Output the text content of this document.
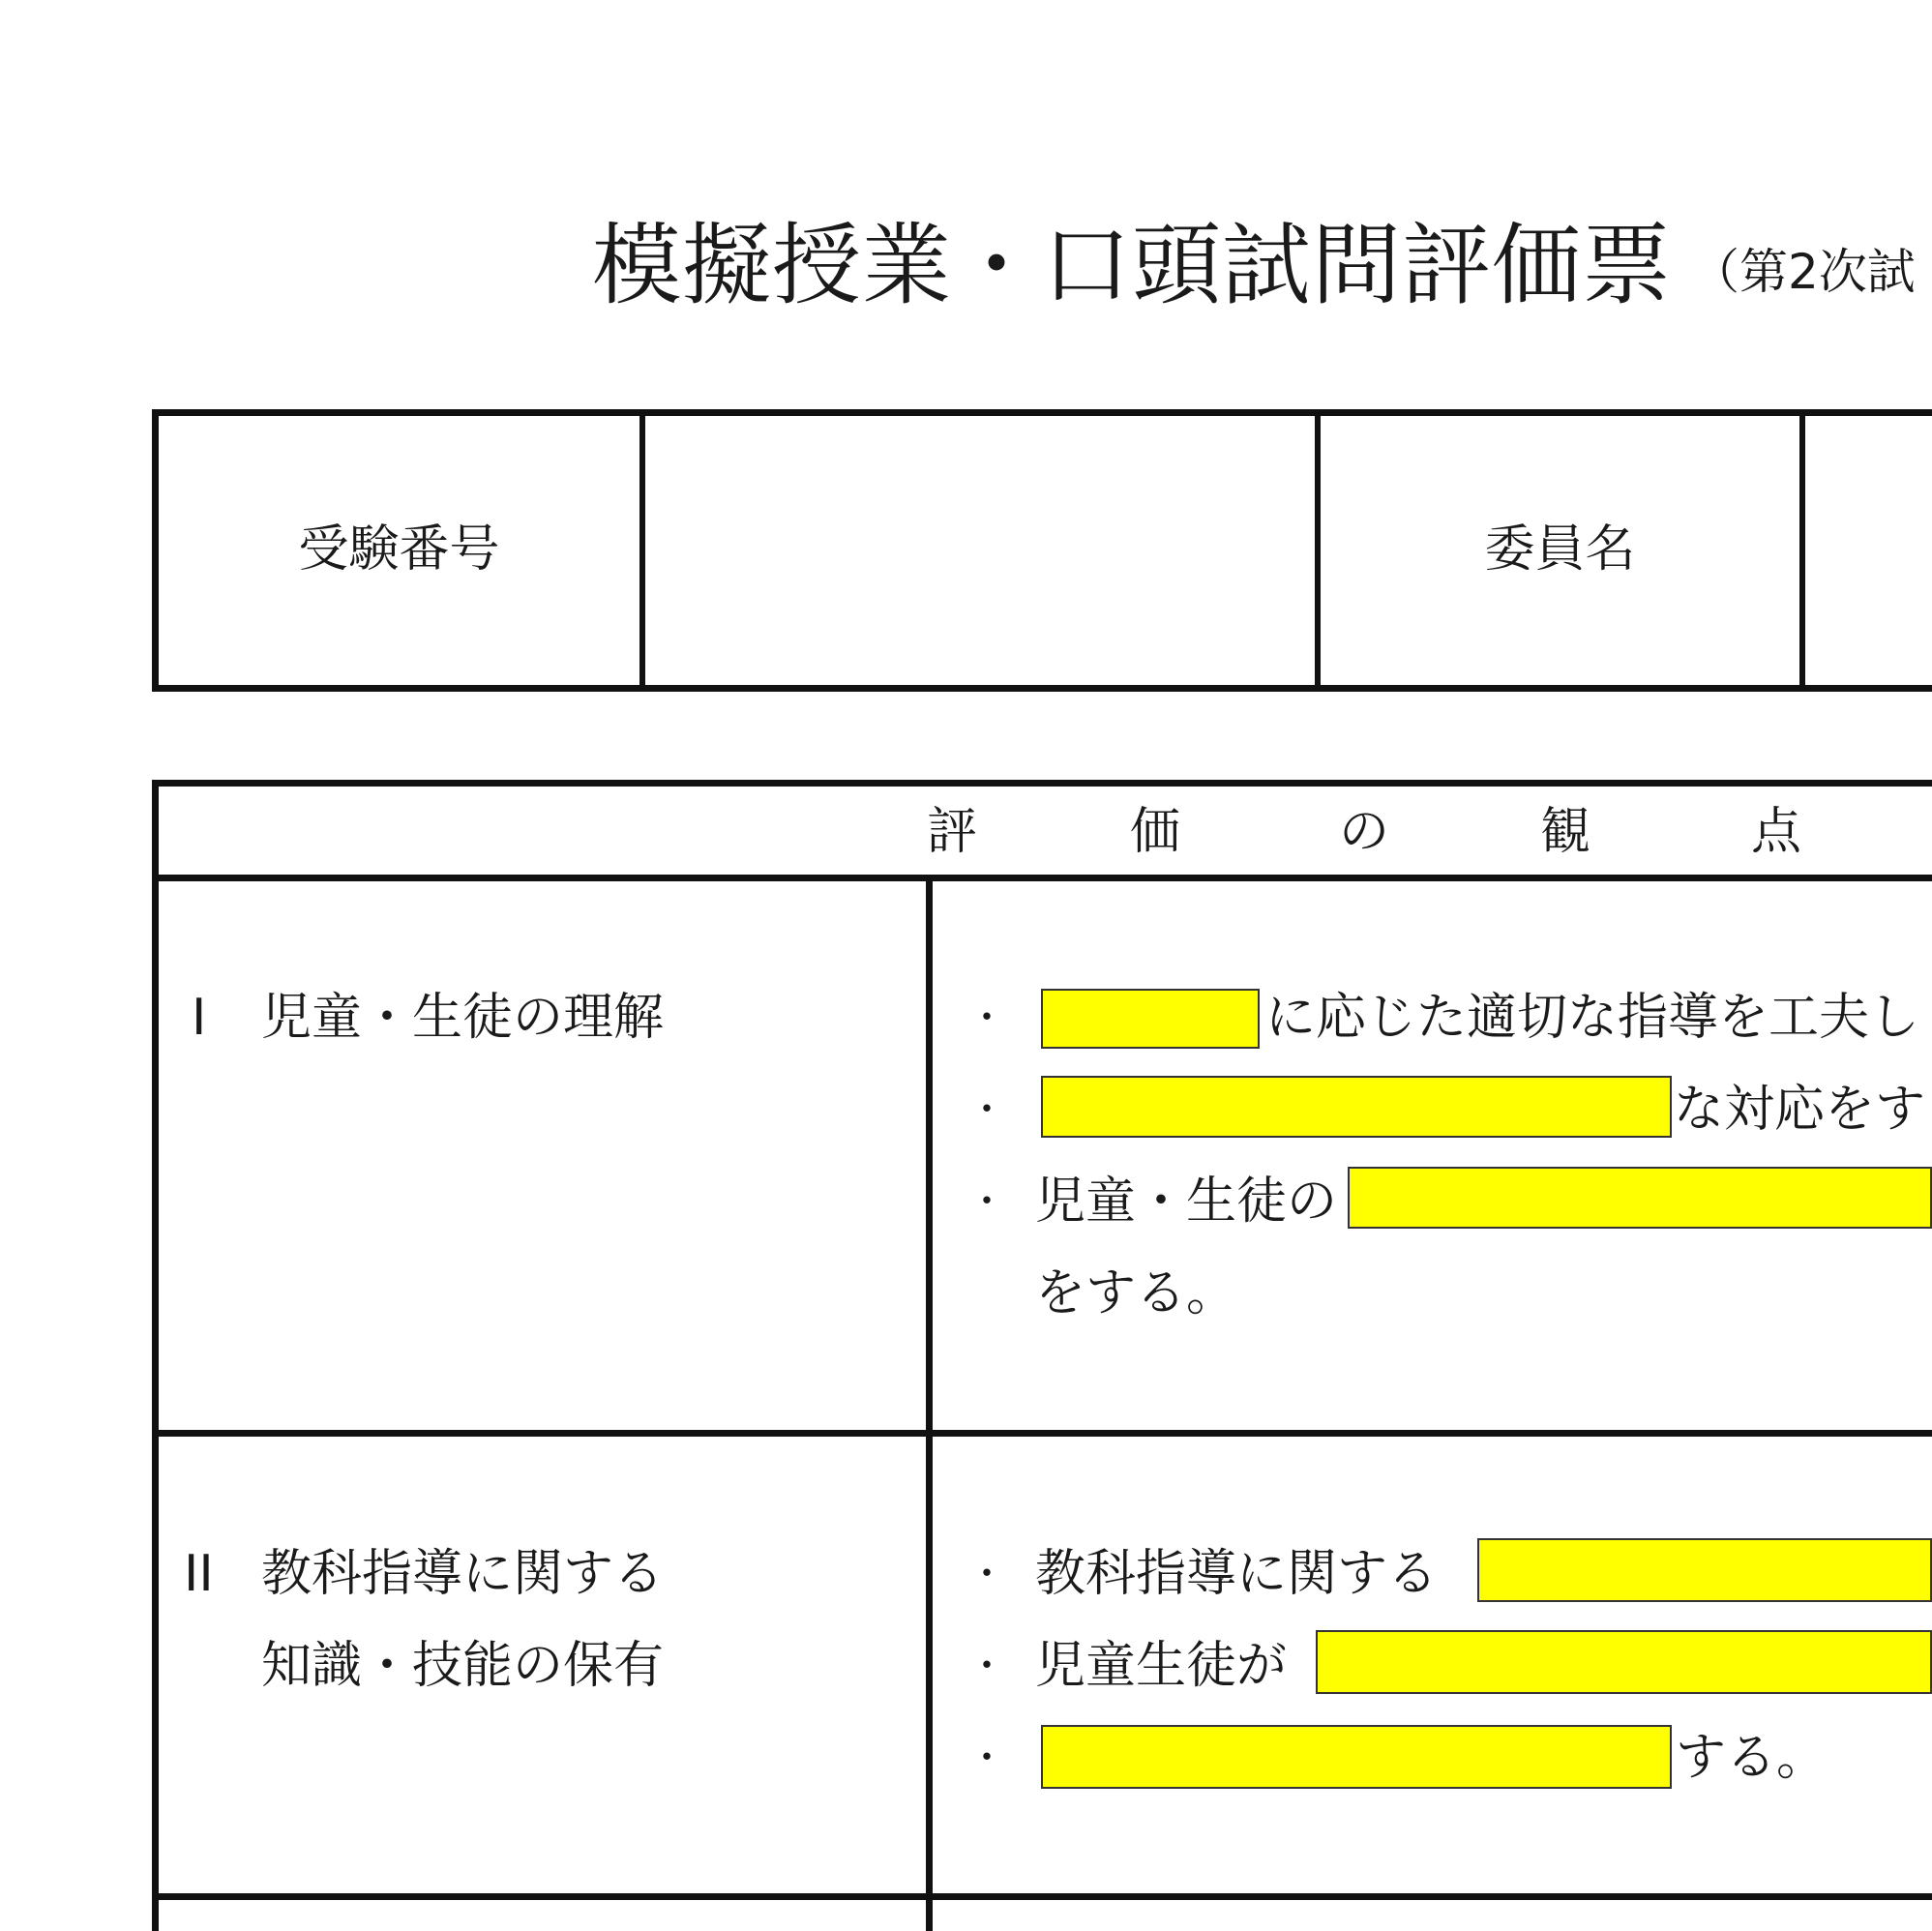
模擬授業・口頭試問評価票 （第2次試
受験番号	委員名
評	価	の	観	点
I 児童・生徒の理解	・	に応じた適切な指導を工夫し
・	な対応をす
・ 児童・生徒の
をする。
II 教科指導に関する
知識・技能の保有
・ 教科指導に関する
・ 児童生徒が
・	する。
